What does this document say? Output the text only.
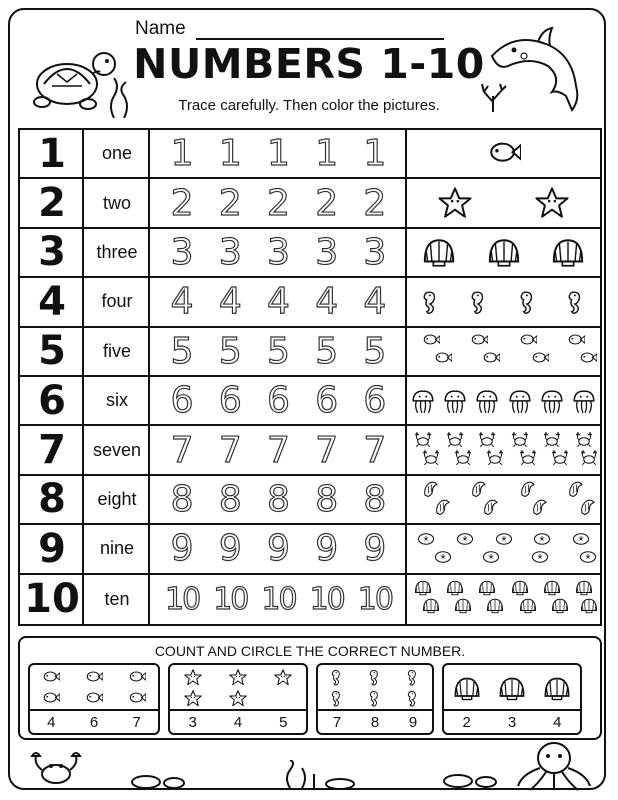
Name
NUMBERS 1-10
Trace carefully. Then color the pictures.
1	one	1 1 1 1 1
2	two	2 2 2 2 2
3	three 3 3 3 3 3
4	four	4 4 4 4 4
5	five	5 5 5 5 5
6	six	6 6 6 6 6
7	seven 7 7 7 7 7
8	eight 8 8 8 8 8
9	nine	9 9 9 9 9
10	ten	10 10 10 10 10
COUNT AND CIRCLE THE CORRECT NUMBER.
4 6 7	3 4 5	7 8 9	2 3 4
